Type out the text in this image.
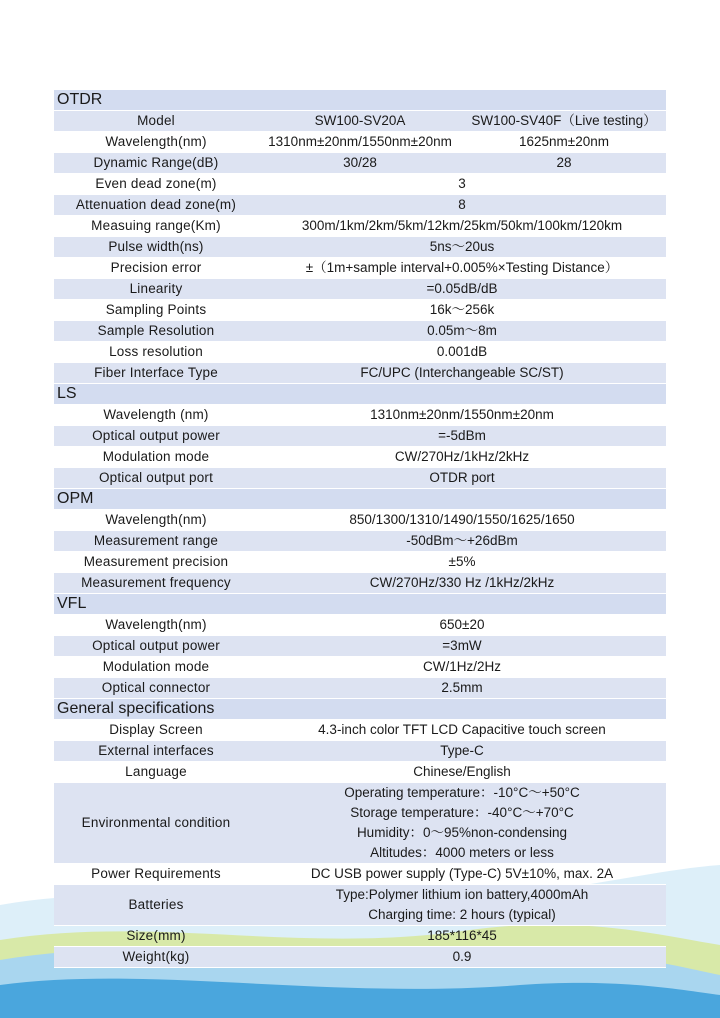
OTDR		
Model	SW100-SV20A	SW100-SV40F（Live testing）
Wavelength(nm)	1310nm±20nm/1550nm±20nm	1625nm±20nm
Dynamic Range(dB)	30/28	28
Even dead zone(m)	3	
Attenuation dead zone(m)	8	
Measuing range(Km)	300m/1km/2km/5km/12km/25km/50km/100km/120km	
Pulse width(ns)	5ns～20us	
Precision error	±（1m+sample interval+0.005%×Testing Distance）	
Linearity	=0.05dB/dB	
Sampling Points	16k～256k	
Sample Resolution	0.05m～8m	
Loss resolution	0.001dB	
Fiber Interface Type	FC/UPC (Interchangeable SC/ST)	
LS		
Wavelength (nm)	1310nm±20nm/1550nm±20nm	
Optical output power	=-5dBm	
Modulation mode	CW/270Hz/1kHz/2kHz	
Optical output port	OTDR port	
OPM		
Wavelength(nm)	850/1300/1310/1490/1550/1625/1650	
Measurement range	-50dBm～+26dBm	
Measurement precision	±5%	
Measurement frequency	CW/270Hz/330 Hz /1kHz/2kHz	
VFL		
Wavelength(nm)	650±20	
Optical output power	=3mW	
Modulation mode	CW/1Hz/2Hz	
Optical connector	2.5mm	
General specifications		
Display Screen	4.3-inch color TFT LCD Capacitive touch screen	
External interfaces	Type-C	
Language	Chinese/English	
Environmental condition	Operating temperature：-10°C～+50°C
Storage temperature：-40°C～+70°C
Humidity：0～95%non-condensing
Altitudes：4000 meters or less	

Power Requirements	DC USB power supply (Type-C) 5V±10%, max. 2A	
Batteries	Type:Polymer lithium ion battery,4000mAh
Charging time: 2 hours (typical)	

Size(mm)	185*116*45	
Weight(kg)	0.9	
